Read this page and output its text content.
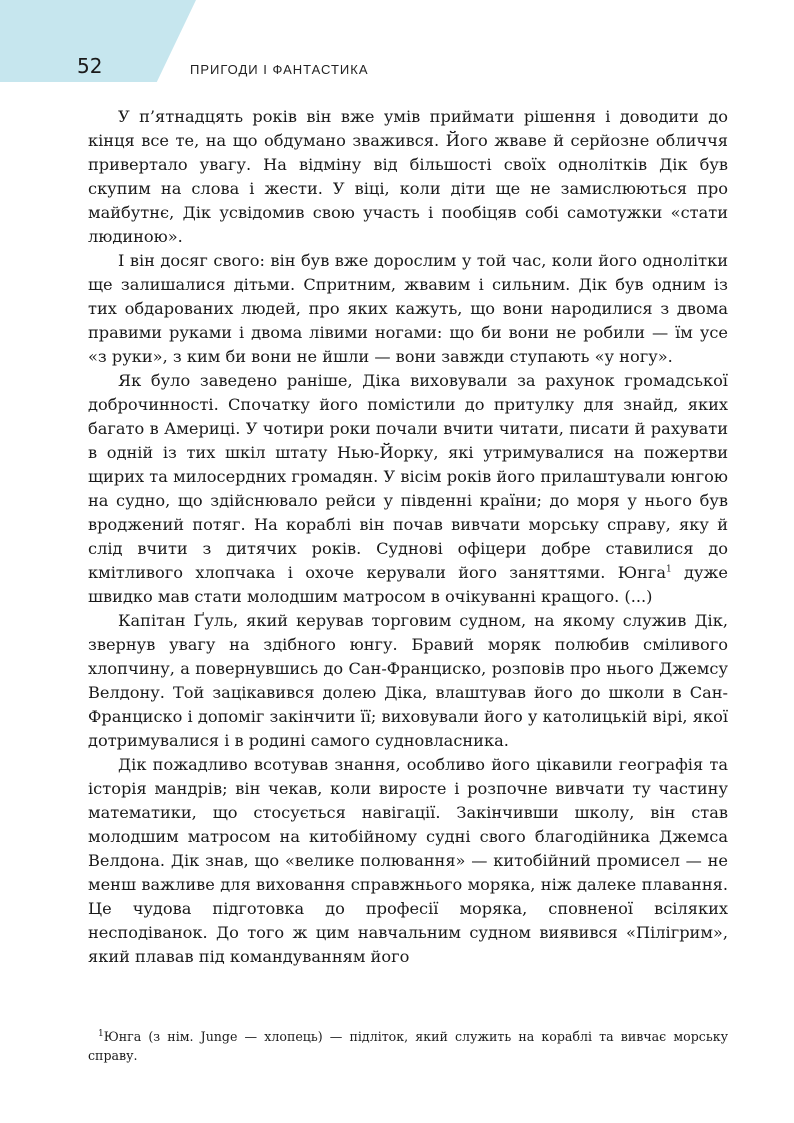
52	ПРИГОДИ І ФАНТАСТИКА

У п’ятнадцять років він вже умів приймати рішення і доводити до кінця все те, на що обдумано зважився. Його жваве й серйозне обличчя привертало увагу. На відміну від більшості своїх однолітків Дік був скупим на слова і жести. У віці, коли діти ще не замислюються про майбутнє, Дік усвідомив свою участь і пообіцяв собі самотужки «стати людиною».

І він досяг свого: він був вже дорослим у той час, коли його однолітки ще залишалися дітьми. Спритним, жвавим і сильним. Дік був одним із тих обдарованих людей, про яких кажуть, що вони народилися з двома правими руками і двома лівими ногами: що би вони не робили — їм усе «з руки», з ким би вони не йшли — вони завжди ступають «у ногу».

Як було заведено раніше, Діка виховували за рахунок громадської доброчинності. Спочатку його помістили до притулку для знайд, яких багато в Америці. У чотири роки почали вчити читати, писати й рахувати в одній із тих шкіл штату Нью-Йорку, які утримувалися на пожертви щирих та милосердних громадян. У вісім років його прилаштували юнгою на судно, що здійснювало рейси у південні країни; до моря у нього був вроджений потяг. На кораблі він почав вивчати морську справу, яку й слід вчити з дитячих років. Суднові офіцери добре ставилися до кмітливого хлопчака і охоче керували його заняттями. Юнга$^1$ дуже швидко мав стати молодшим матросом в очікуванні кращого. (...)

Капітан Ґуль, який керував торговим судном, на якому служив Дік, звернув увагу на здібного юнгу. Бравий моряк полюбив сміливого хлопчину, а повернувшись до Сан-Франциско, розповів про нього Джемсу Велдону. Той зацікавився долею Діка, влаштував його до школи в Сан-Франциско і допоміг закінчити її; виховували його у католицькій вірі, якої дотримувалися і в родині самого судновласника.

Дік пожадливо всотував знання, особливо його цікавили географія та історія мандрів; він чекав, коли виросте і розпочне вивчати ту частину математики, що стосується навігації. Закінчивши школу, він став молодшим матросом на китобійному судні свого благодійника Джемса Велдона. Дік знав, що «велике полювання» — китобійний промисел — не менш важливе для виховання справжнього моряка, ніж далеке плавання. Це чудова підготовка до професії моряка, сповненої всіляких несподіванок. До того ж цим навчальним судном виявився «Пілігрим», який плавав під командуванням його

$^1$Юнга (з нім. Junge — хлопець) — підліток, який служить на кораблі та вивчає морську справу.
